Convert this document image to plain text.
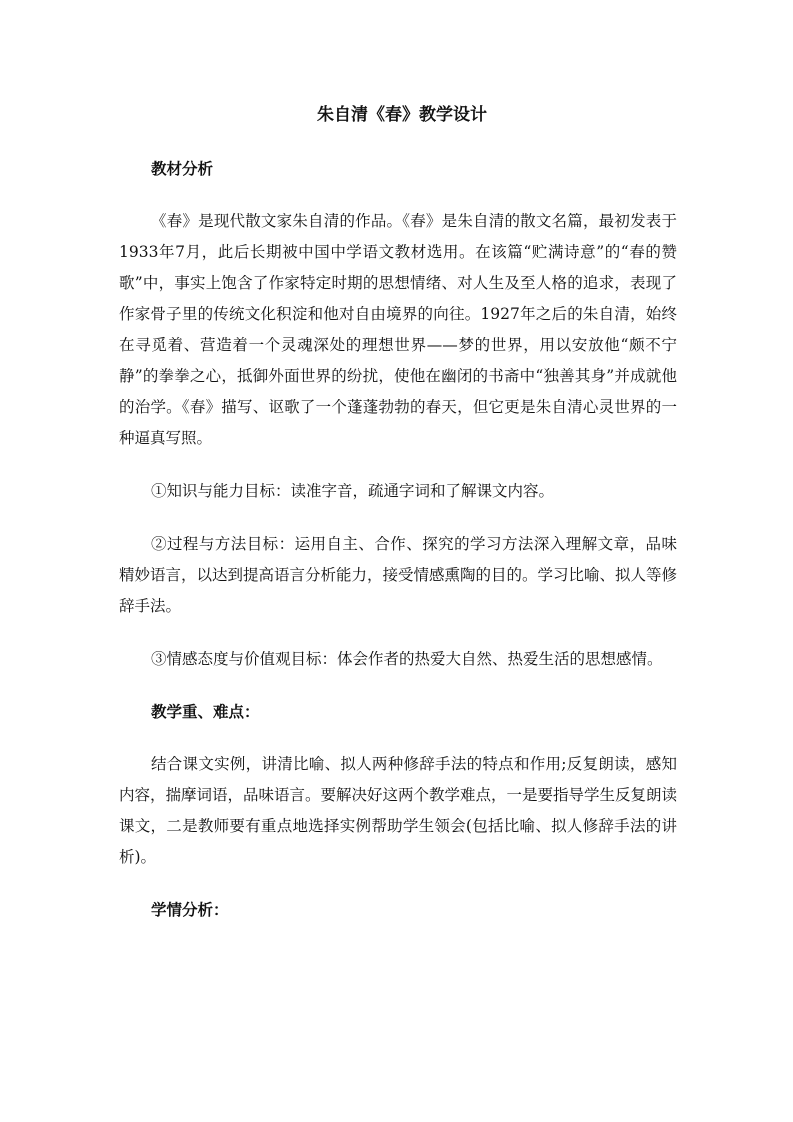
朱自清《春》教学设计
教材分析

《春》是现代散文家朱自清的作品。《春》是朱自清的散文名篇，最初发表于1933年7月，此后长期被中国中学语文教材选用。在该篇“贮满诗意”的“春的赞歌”中，事实上饱含了作家特定时期的思想情绪、对人生及至人格的追求，表现了作家骨子里的传统文化积淀和他对自由境界的向往。1927年之后的朱自清，始终在寻觅着、营造着一个灵魂深处的理想世界——梦的世界，用以安放他“颇不宁静”的拳拳之心，抵御外面世界的纷扰，使他在幽闭的书斋中“独善其身”并成就他的治学。《春》描写、讴歌了一个蓬蓬勃勃的春天，但它更是朱自清心灵世界的一种逼真写照。

①知识与能力目标：读准字音，疏通字词和了解课文内容。

②过程与方法目标：运用自主、合作、探究的学习方法深入理解文章，品味精妙语言，以达到提高语言分析能力，接受情感熏陶的目的。学习比喻、拟人等修辞手法。

③情感态度与价值观目标：体会作者的热爱大自然、热爱生活的思想感情。

教学重、难点：

结合课文实例，讲清比喻、拟人两种修辞手法的特点和作用;反复朗读，感知内容，揣摩词语，品味语言。要解决好这两个教学难点，一是要指导学生反复朗读课文，二是教师要有重点地选择实例帮助学生领会(包括比喻、拟人修辞手法的讲析)。

学情分析：
